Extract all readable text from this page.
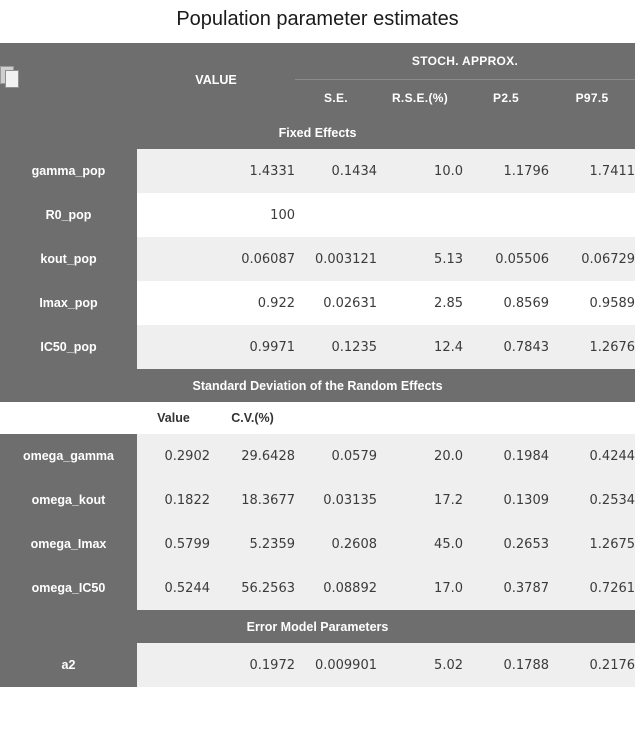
Population parameter estimates
	VALUE		STOCH. APPROX.			
			S.E.	R.S.E.(%)	P2.5	P97.5
Fixed Effects						
gamma_pop		1.4331	0.1434	10.0	1.1796	1.7411
R0_pop		100				
kout_pop		0.06087	0.003121	5.13	0.05506	0.06729
Imax_pop		0.922	0.02631	2.85	0.8569	0.9589
IC50_pop		0.9971	0.1235	12.4	0.7843	1.2676
Standard Deviation of the Random Effects						
	Value	C.V.(%)				
omega_gamma	0.2902	29.6428	0.0579	20.0	0.1984	0.4244
omega_kout	0.1822	18.3677	0.03135	17.2	0.1309	0.2534
omega_Imax	0.5799	5.2359	0.2608	45.0	0.2653	1.2675
omega_IC50	0.5244	56.2563	0.08892	17.0	0.3787	0.7261
Error Model Parameters						
a2		0.1972	0.009901	5.02	0.1788	0.2176
